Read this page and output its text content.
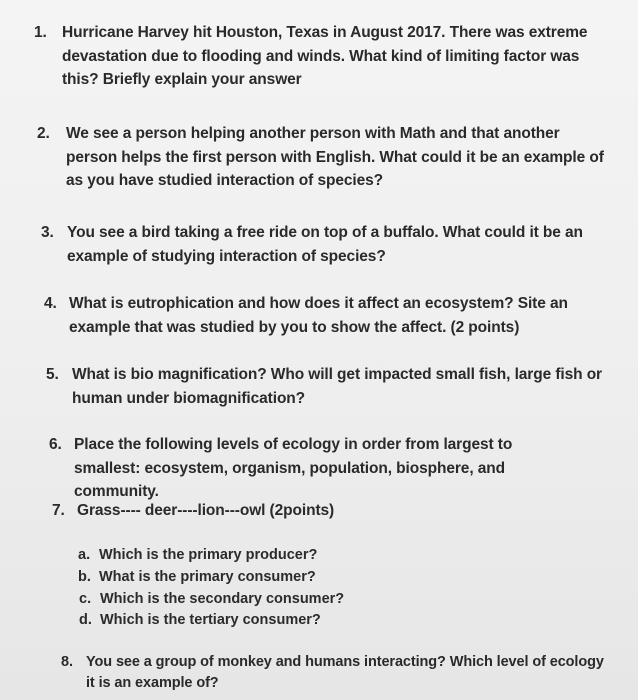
1. Hurricane Harvey hit Houston, Texas in August 2017. There was extreme devastation due to flooding and winds. What kind of limiting factor was this? Briefly explain your answer
2.	We see a person helping another person with Math and that another person helps the first person with English. What could it be an example of as you have studied interaction of species?
3. You see a bird taking a free ride on top of a buffalo. What could it be an example of studying interaction of species?
4. What is eutrophication and how does it affect an ecosystem? Site an example that was studied by you to show the affect. (2 points)
5. What is bio magnification? Who will get impacted small fish, large fish or human under biomagnification?
6. Place the following levels of ecology in order from largest to smallest: ecosystem, organism, population, biosphere, and community.
7. Grass---- deer----lion---owl (2points)
a. Which is the primary producer?
b. What is the primary consumer?
c. Which is the secondary consumer?
d. Which is the tertiary consumer?
8. You see a group of monkey and humans interacting? Which level of ecology it is an example of?
